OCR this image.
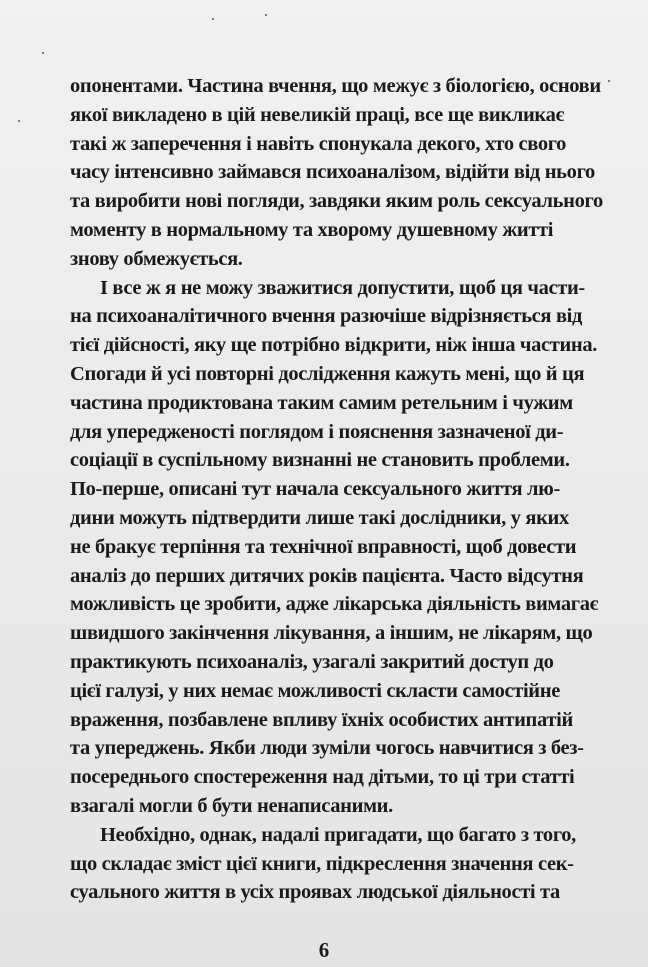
опонентами. Частина вчення, що межує з біологією, основи
якої викладено в цій невеликій праці, все ще викликає
такі ж заперечення і навіть спонукала декого, хто свого
часу інтенсивно займався психоаналізом, відійти від нього
та виробити нові погляди, завдяки яким роль сексуального
моменту в нормальному та хворому душевному житті
знову обмежується.
І все ж я не можу зважитися допустити, щоб ця части-
на психоаналітичного вчення разючіше відрізняється від
тієї дійсності, яку ще потрібно відкрити, ніж інша частина.
Спогади й усі повторні дослідження кажуть мені, що й ця
частина продиктована таким самим ретельним і чужим
для упередженості поглядом і пояснення зазначеної ди-
соціації в суспільному визнанні не становить проблеми.
По-перше, описані тут начала сексуального життя лю-
дини можуть підтвердити лише такі дослідники, у яких
не бракує терпіння та технічної вправності, щоб довести
аналіз до перших дитячих років пацієнта. Часто відсутня
можливість це зробити, адже лікарська діяльність вимагає
швидшого закінчення лікування, а іншим, не лікарям, що
практикують психоаналіз, узагалі закритий доступ до
цієї галузі, у них немає можливості скласти самостійне
враження, позбавлене впливу їхніх особистих антипатій
та упереджень. Якби люди зуміли чогось навчитися з без-
посереднього спостереження над дітьми, то ці три статті
взагалі могли б бути ненаписаними.
Необхідно, однак, надалі пригадати, що багато з того,
що складає зміст цієї книги, підкреслення значення сек-
суального життя в усіх проявах людської діяльності та
6
